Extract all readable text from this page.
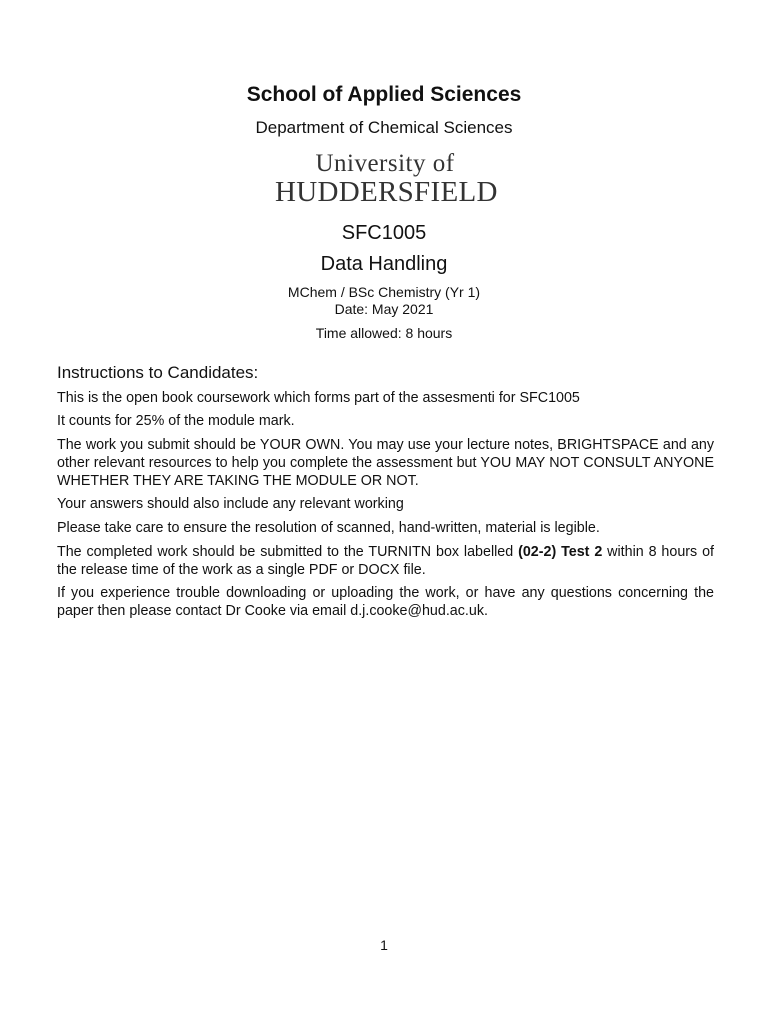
School of Applied Sciences
Department of Chemical Sciences
University of
HUDDERSFIELD
SFC1005
Data Handling
MChem / BSc Chemistry (Yr 1)
Date: May 2021
Time allowed: 8 hours
Instructions to Candidates:
This is the open book coursework which forms part of the assesmenti for SFC1005
It counts for 25% of the module mark.
The work you submit should be YOUR OWN. You may use your lecture notes, BRIGHTSPACE and any other relevant resources to help you complete the assessment but YOU MAY NOT CONSULT ANYONE WHETHER THEY ARE TAKING THE MODULE OR NOT.
Your answers should also include any relevant working
Please take care to ensure the resolution of scanned, hand-written, material is legible.
The completed work should be submitted to the TURNITN box labelled (02-2) Test 2 within 8 hours of the release time of the work as a single PDF or DOCX file.
If you experience trouble downloading or uploading the work, or have any questions concerning the paper then please contact Dr Cooke via email d.j.cooke@hud.ac.uk.
1
